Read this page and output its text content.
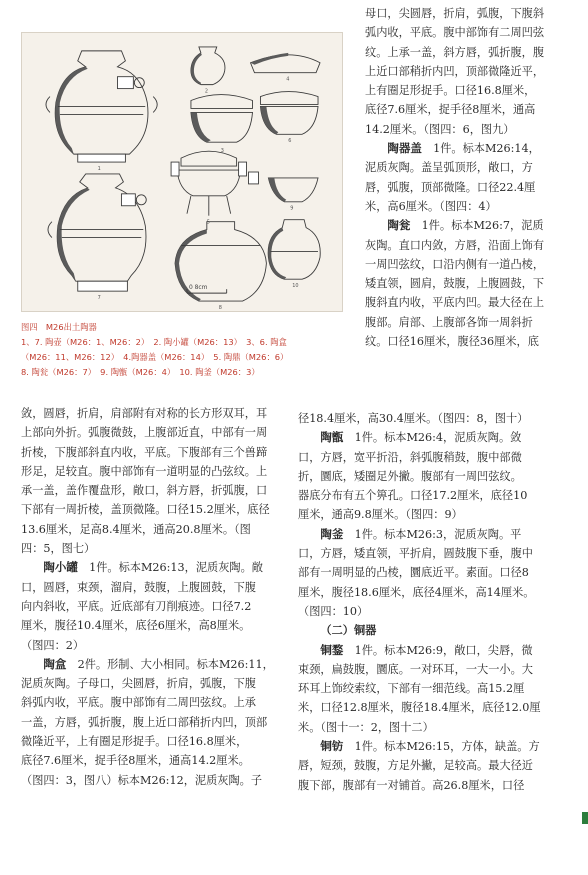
1
2
3
4
5
6
7
8
9
10
0 8cm
图四　M26出土陶器
1、7. 陶壶（M26：1、M26：2）　2. 陶小罐（M26：13）　3、6. 陶盒
（M26：11、M26：12）　4.陶器盖（M26：14）　5. 陶鼎（M26：6）
8. 陶瓮（M26：7）　9. 陶甑（M26：4）　10. 陶釜（M26：3）

敛，圆唇，折肩，肩部附有对称的长方形双耳，耳

上部向外折。弧腹微鼓，上腹部近直，中部有一周

折棱，下腹部斜直内收，平底。下腹部有三个兽蹄

形足，足较直。腹中部饰有一道明显的凸弦纹。上

承一盖，盖作覆盘形，敞口，斜方唇，折弧腹，口

下部有一周折棱，盖顶微隆。口径15.2厘米，底径

13.6厘米，足高8.4厘米，通高20.8厘米。（图

四：5，图七）

陶小罐　 1件。标本M26:13，泥质灰陶。敞

口，圆唇，束颈，溜肩，鼓腹，上腹圆鼓，下腹

向内斜收，平底。近底部有刀削痕迹。口径7.2

厘米，腹径10.4厘米，底径6厘米，高8厘米。

（图四：2）

陶盒　 2件。形制、大小相同。标本M26:11，

泥质灰陶。子母口，尖圆唇，折肩，弧腹，下腹

斜弧内收，平底。腹中部饰有二周凹弦纹。上承

一盖，方唇，弧折腹，腹上近口部稍折内凹，顶部

微隆近平，上有圈足形捉手。口径16.8厘米，

底径7.6厘米，捉手径8厘米，通高14.2厘米。

（图四：3，图八）标本M26:12，泥质灰陶。子

母口，尖圆唇，折肩，弧腹，下腹斜

弧内收，平底。腹中部饰有二周凹弦

纹。上承一盖，斜方唇，弧折腹，腹

上近口部稍折内凹，顶部微隆近平，

上有圈足形捉手。口径16.8厘米，

底径7.6厘米，捉手径8厘米，通高

14.2厘米。（图四：6，图九）

陶器盖　 1件。标本M26:14，

泥质灰陶。盖呈弧顶形，敞口，方

唇，弧腹，顶部微隆。口径22.4厘

米，高6厘米。（图四：4）

陶瓮　 1件。标本M26:7，泥质

灰陶。直口内敛，方唇，沿面上饰有

一周凹弦纹，口沿内侧有一道凸棱，

矮直领，圆肩，鼓腹，上腹圆鼓，下

腹斜直内收，平底内凹。最大径在上

腹部。肩部、上腹部各饰一周斜折

纹。口径16厘米，腹径36厘米，底

径18.4厘米，高30.4厘米。（图四：8，图十）

陶甑　 1件。标本M26:4，泥质灰陶。敛

口，方唇，宽平折沿，斜弧腹稍鼓，腹中部微

折，圜底，矮圈足外撇。腹部有一周凹弦纹。

器底分布有五个箅孔。口径17.2厘米，底径10

厘米，通高9.8厘米。（图四：9）

陶釜　 1件。标本M26:3，泥质灰陶。平

口，方唇，矮直领，平折肩，圆鼓腹下垂，腹中

部有一周明显的凸棱，圜底近平。素面。口径8

厘米，腹径18.6厘米，底径4厘米，高14厘米。

（图四：10）

（二）铜器

铜鍪　 1件。标本M26:9，敞口，尖唇，微

束颈，扁鼓腹，圜底。一对环耳，一大一小。大

环耳上饰绞索纹，下部有一细范线。高15.2厘

米，口径12.8厘米，腹径18.4厘米，底径12.0厘

米。（图十一：2，图十二）

铜钫　 1件。标本M26:15，方体，缺盖。方

唇，短颈，鼓腹，方足外撇，足较高。最大径近

腹下部，腹部有一对铺首。高26.8厘米，口径
